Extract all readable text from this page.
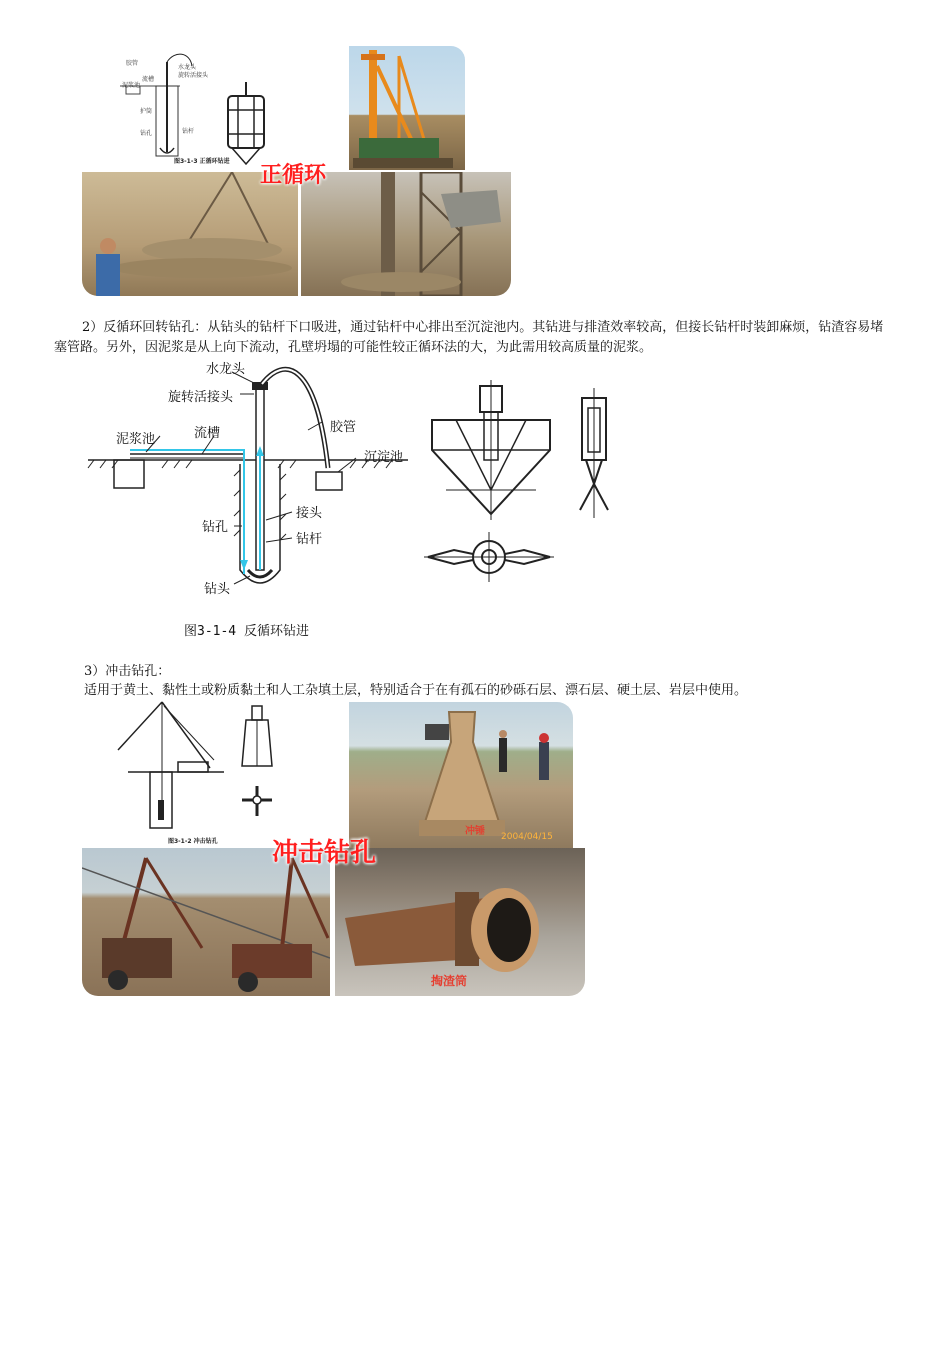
胶管
水龙头
旋转活接头
流槽
泥浆池
护筒
钻杆
钻孔
图3-1-3 正循环钻进
正循环
2）反循环回转钻孔：从钻头的钻杆下口吸进，通过钻杆中心排出至沉淀池内。其钻进与排渣效率较高，但接长钻杆时装卸麻烦，钻渣容易堵塞管路。另外，因泥浆是从上向下流动，孔壁坍塌的可能性较正循环法的大，为此需用较高质量的泥浆。
水龙头
旋转活接头
胶管
泥浆池	流槽
沉淀池
接头
钻孔
钻杆
钻头
图3-1-4 反循环钻进
3）冲击钻孔：
适用于黄土、黏性土或粉质黏土和人工杂填土层，特别适合于在有孤石的砂砾石层、漂石层、硬土层、岩层中使用。
图3-1-2 冲击钻孔
冲锤 2004/04/15
掏渣筒
冲击钻孔
